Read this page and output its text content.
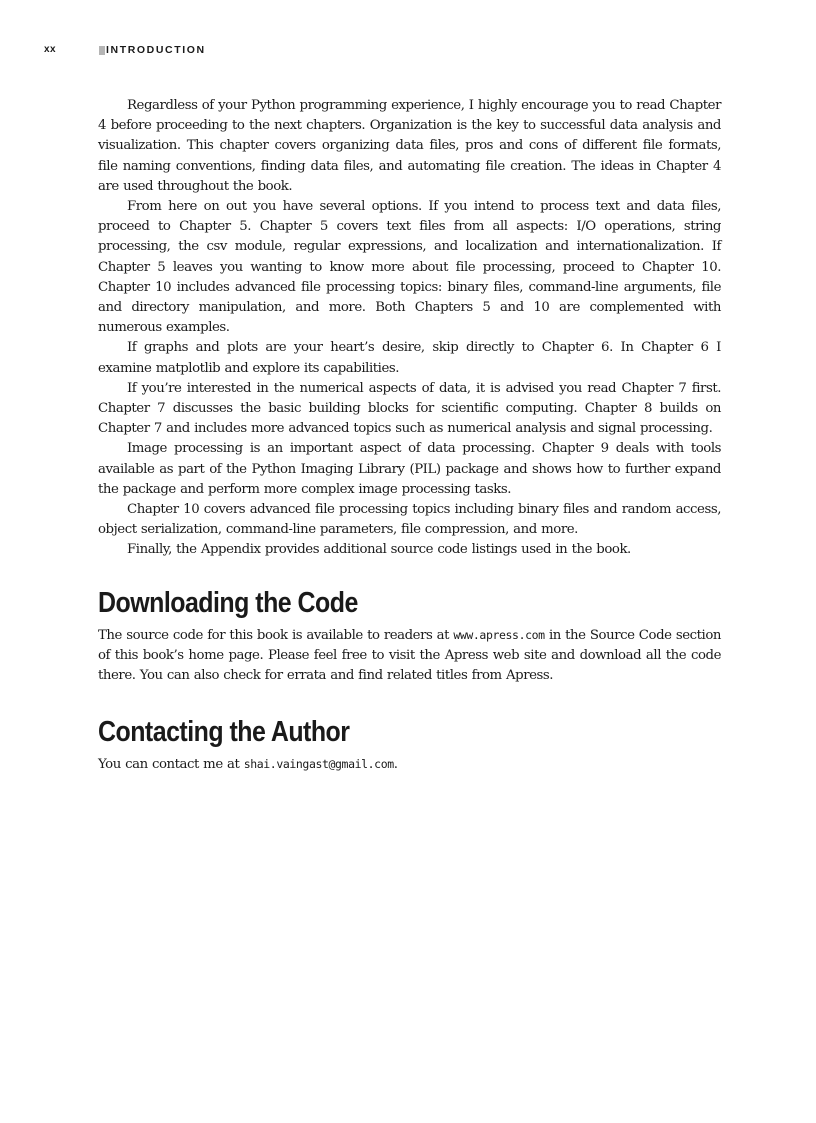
xx	INTRODUCTION

Regardless of your Python programming experience, I highly encourage you to read Chapter 4 before proceeding to the next chapters. Organization is the key to successful data analysis and visualization. This chapter covers organizing data files, pros and cons of different file formats, file naming conventions, finding data files, and automating file creation. The ideas in Chapter 4 are used throughout the book.

From here on out you have several options. If you intend to process text and data files, proceed to Chapter 5. Chapter 5 covers text files from all aspects: I/O operations, string processing, the csv module, regular expressions, and localization and internationalization. If Chapter 5 leaves you wanting to know more about file processing, proceed to Chapter 10. Chapter 10 includes advanced file processing topics: binary files, command-line arguments, file and directory manipulation, and more. Both Chapters 5 and 10 are complemented with numerous examples.

If graphs and plots are your heart’s desire, skip directly to Chapter 6. In Chapter 6 I examine matplotlib and explore its capabilities.

If you’re interested in the numerical aspects of data, it is advised you read Chapter 7 first. Chapter 7 discusses the basic building blocks for scientific computing. Chapter 8 builds on Chapter 7 and includes more advanced topics such as numerical analysis and signal processing.

Image processing is an important aspect of data processing. Chapter 9 deals with tools available as part of the Python Imaging Library (PIL) package and shows how to further expand the package and perform more complex image processing tasks.

Chapter 10 covers advanced file processing topics including binary files and random access, object serialization, command-line parameters, file compression, and more.

Finally, the Appendix provides additional source code listings used in the book.

Downloading the Code

The source code for this book is available to readers at www.apress.com in the Source Code section of this book’s home page. Please feel free to visit the Apress web site and download all the code there. You can also check for errata and find related titles from Apress.

Contacting the Author

You can contact me at shai.vaingast@gmail.com.
